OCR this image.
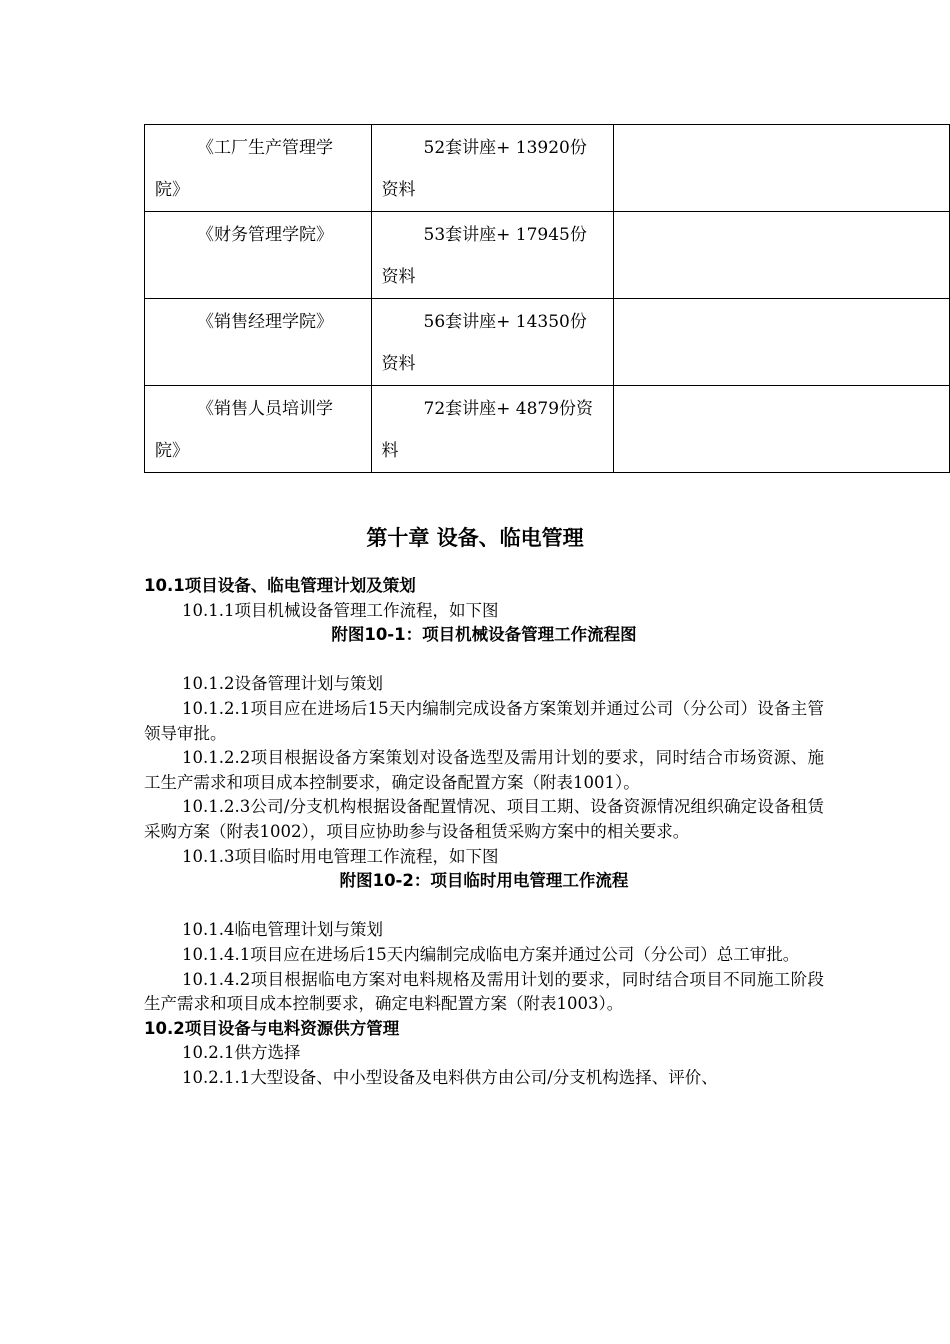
《工厂生产管理学
院》	52套讲座+ 13920份
资料	

《财务管理学院》	53套讲座+ 17945份
资料	

《销售经理学院》	56套讲座+ 14350份
资料	

《销售人员培训学
院》	72套讲座+ 4879份资
料	

第十章 设备、临电管理

10.1项目设备、临电管理计划及策划

10.1.1项目机械设备管理工作流程，如下图

附图10-1：项目机械设备管理工作流程图

10.1.2设备管理计划与策划

10.1.2.1项目应在进场后15天内编制完成设备方案策划并通过公司（分公司）设备主管领导审批。

10.1.2.2项目根据设备方案策划对设备选型及需用计划的要求，同时结合市场资源、施工生产需求和项目成本控制要求，确定设备配置方案（附表1001）。

10.1.2.3公司/分支机构根据设备配置情况、项目工期、设备资源情况组织确定设备租赁采购方案（附表1002），项目应协助参与设备租赁采购方案中的相关要求。

10.1.3项目临时用电管理工作流程，如下图

附图10-2：项目临时用电管理工作流程

10.1.4临电管理计划与策划

10.1.4.1项目应在进场后15天内编制完成临电方案并通过公司（分公司）总工审批。

10.1.4.2项目根据临电方案对电料规格及需用计划的要求，同时结合项目不同施工阶段生产需求和项目成本控制要求，确定电料配置方案（附表1003）。

10.2项目设备与电料资源供方管理

10.2.1供方选择

10.2.1.1大型设备、中小型设备及电料供方由公司/分支机构选择、评价、
